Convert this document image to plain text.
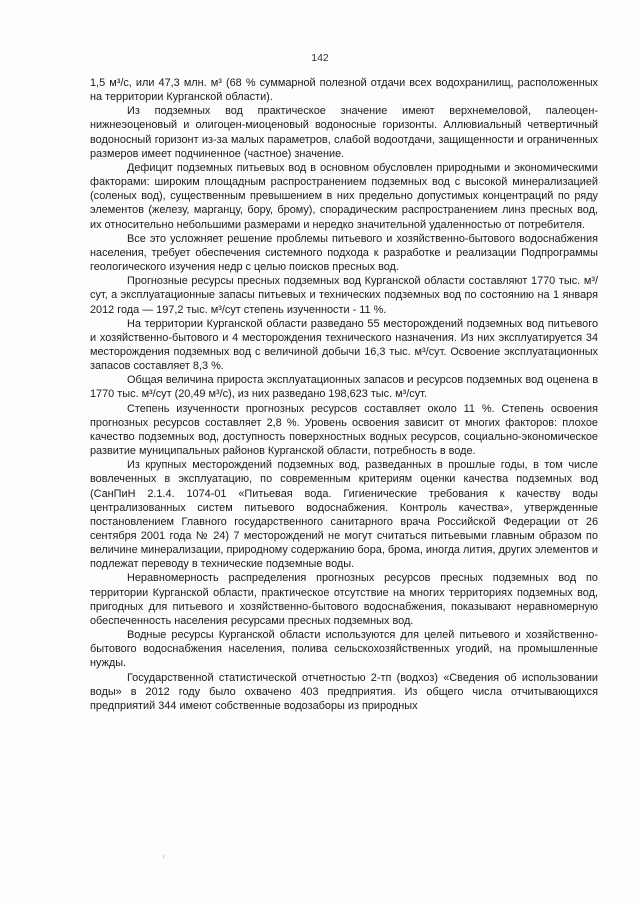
142

1,5 м³/с, или 47,3 млн. м³ (68 % суммарной полезной отдачи всех водохранилищ, расположенных на территории Курганской области).

Из подземных вод практическое значение имеют верхнемеловой, палеоцен-нижнеэоценовый и олигоцен-миоценовый водоносные горизонты. Аллювиальный четвертичный водоносный горизонт из-за малых параметров, слабой водоотдачи, защищенности и ограниченных размеров имеет подчиненное (частное) значение.

Дефицит подземных питьевых вод в основном обусловлен природными и экономическими факторами: широким площадным распространением подземных вод с высокой минерализацией (соленых вод), существенным превышением в них предельно допустимых концентраций по ряду элементов (железу, марганцу, бору, брому), спорадическим распространением линз пресных вод, их относительно небольшими размерами и нередко значительной удаленностью от потребителя.

Все это усложняет решение проблемы питьевого и хозяйственно-бытового водоснабжения населения, требует обеспечения системного подхода к разработке и реализации Подпрограммы геологического изучения недр с целью поисков пресных вод.

Прогнозные ресурсы пресных подземных вод Курганской области составляют 1770 тыс. м³/сут, а эксплуатационные запасы питьевых и технических подземных вод по состоянию на 1 января 2012 года — 197,2 тыс. м³/сут степень изученности - 11 %.

На территории Курганской области разведано 55 месторождений подземных вод питьевого и хозяйственно-бытового и 4 месторождения технического назначения. Из них эксплуатируется 34 месторождения подземных вод с величиной добычи 16,3 тыс. м³/сут. Освоение эксплуатационных запасов составляет 8,3 %.

Общая величина прироста эксплуатационных запасов и ресурсов подземных вод оценена в 1770 тыс. м³/сут (20,49 м³/с), из них разведано 198,623 тыс. м³/сут.

Степень изученности прогнозных ресурсов составляет около 11 %. Степень освоения прогнозных ресурсов составляет 2,8 %. Уровень освоения зависит от многих факторов: плохое качество подземных вод, доступность поверхностных водных ресурсов, социально-экономическое развитие муниципальных районов Курганской области, потребность в воде.

Из крупных месторождений подземных вод, разведанных в прошлые годы, в том числе вовлеченных в эксплуатацию, по современным критериям оценки качества подземных вод (СанПиН 2.1.4. 1074-01 «Питьевая вода. Гигиенические требования к качеству воды централизованных систем питьевого водоснабжения. Контроль качества», утвержденные постановлением Главного государственного санитарного врача Российской Федерации от 26 сентября 2001 года № 24) 7 месторождений не могут считаться питьевыми главным образом по величине минерализации, природному содержанию бора, брома, иногда лития, других элементов и подлежат переводу в технические подземные воды.

Неравномерность распределения прогнозных ресурсов пресных подземных вод по территории Курганской области, практическое отсутствие на многих территориях подземных вод, пригодных для питьевого и хозяйственно-бытового водоснабжения, показывают неравномерную обеспеченность населения ресурсами пресных подземных вод.

Водные ресурсы Курганской области используются для целей питьевого и хозяйственно-бытового водоснабжения населения, полива сельскохозяйственных угодий, на промышленные нужды.

Государственной статистической отчетностью 2-тп (водхоз) «Сведения об использовании воды» в 2012 году было охвачено 403 предприятия. Из общего числа отчитывающихся предприятий 344 имеют собственные водозаборы из природных
